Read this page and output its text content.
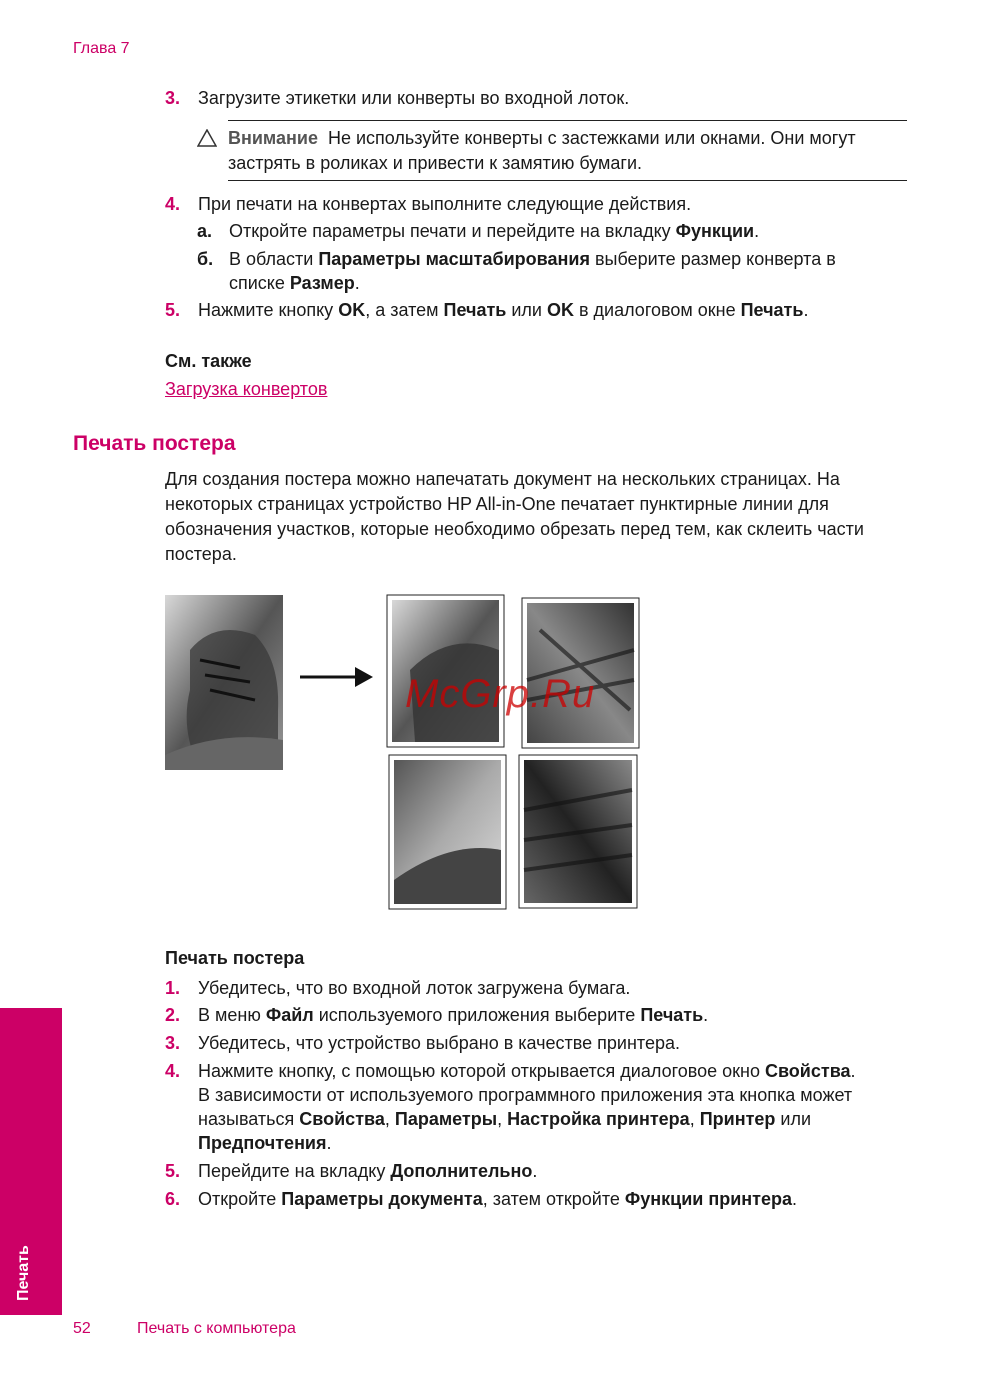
Глава 7
3. Загрузите этикетки или конверты во входной лоток.
Внимание Не используйте конверты с застежками или окнами. Они могут застрять в роликах и привести к замятию бумаги.
4. При печати на конвертах выполните следующие действия.
а. Откройте параметры печати и перейдите на вкладку Функции.
б. В области Параметры масштабирования выберите размер конверта в списке Размер.
5. Нажмите кнопку OK, а затем Печать или OK в диалоговом окне Печать.
См. также
Загрузка конвертов
Печать постера
Для создания постера можно напечатать документ на нескольких страницах. На некоторых страницах устройство HP All-in-One печатает пунктирные линии для обозначения участков, которые необходимо обрезать перед тем, как склеить части постера.
McGrp.Ru
Печать постера
1. Убедитесь, что во входной лоток загружена бумага.
2. В меню Файл используемого приложения выберите Печать.
3. Убедитесь, что устройство выбрано в качестве принтера.
4. Нажмите кнопку, с помощью которой открывается диалоговое окно Свойства.
В зависимости от используемого программного приложения эта кнопка может называться Свойства, Параметры, Настройка принтера, Принтер или Предпочтения.
5. Перейдите на вкладку Дополнительно.
6. Откройте Параметры документа, затем откройте Функции принтера.
Печать
52	Печать с компьютера
